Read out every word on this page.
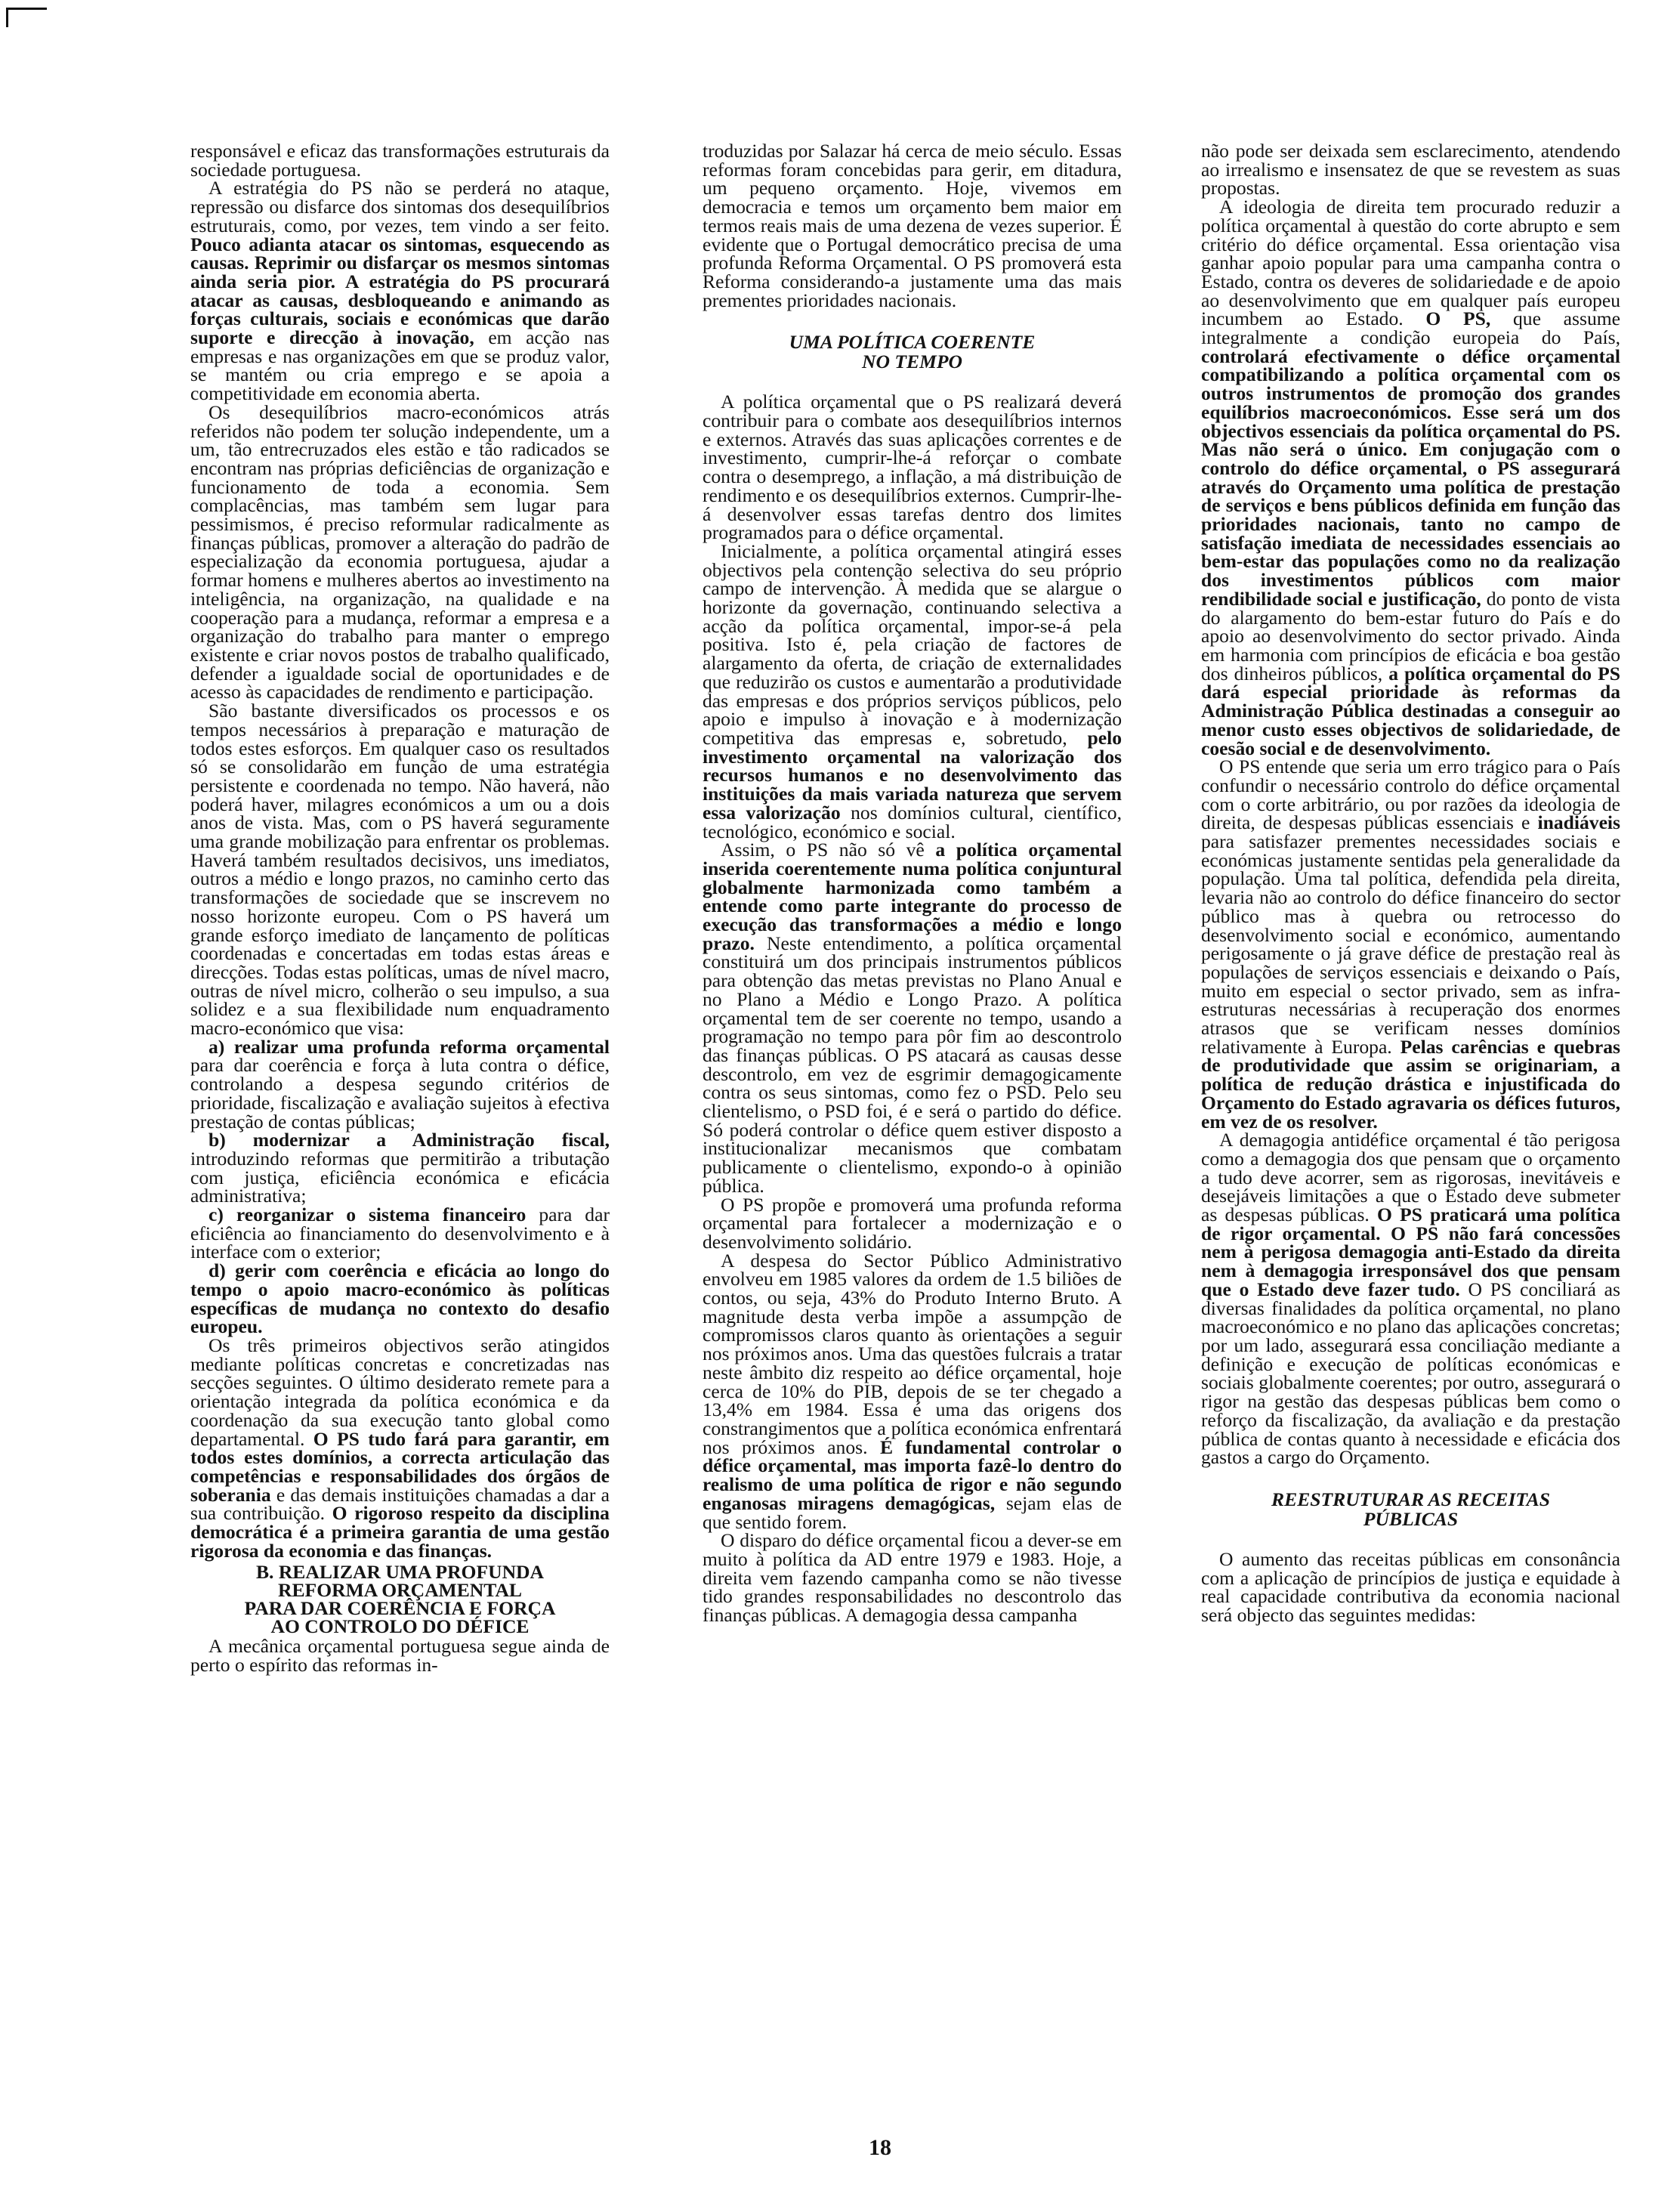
responsável e eficaz das transformações estruturais da sociedade portuguesa.

A estratégia do PS não se perderá no ataque, repressão ou disfarce dos sintomas dos desequilíbrios estruturais, como, por vezes, tem vindo a ser feito. Pouco adianta atacar os sintomas, esquecendo as causas. Reprimir ou disfarçar os mesmos sintomas ainda seria pior. A estratégia do PS procurará atacar as causas, desbloqueando e animando as forças culturais, sociais e económicas que darão suporte e direcção à inovação, em acção nas empresas e nas organizações em que se produz valor, se mantém ou cria emprego e se apoia a competitividade em economia aberta.

Os desequilíbrios macro-económicos atrás referidos não podem ter solução independente, um a um, tão entrecruzados eles estão e tão radicados se encontram nas próprias deficiências de organização e funcionamento de toda a economia. Sem complacências, mas também sem lugar para pessimismos, é preciso reformular radicalmente as finanças públicas, promover a alteração do padrão de especialização da economia portuguesa, ajudar a formar homens e mulheres abertos ao investimento na inteligência, na organização, na qualidade e na cooperação para a mudança, reformar a empresa e a organização do trabalho para manter o emprego existente e criar novos postos de trabalho qualificado, defender a igualdade social de oportunidades e de acesso às capacidades de rendimento e participação.

São bastante diversificados os processos e os tempos necessários à preparação e maturação de todos estes esforços. Em qualquer caso os resultados só se consolidarão em função de uma estratégia persistente e coordenada no tempo. Não haverá, não poderá haver, milagres económicos a um ou a dois anos de vista. Mas, com o PS haverá seguramente uma grande mobilização para enfrentar os problemas. Haverá também resultados decisivos, uns imediatos, outros a médio e longo prazos, no caminho certo das transformações de sociedade que se inscrevem no nosso horizonte europeu. Com o PS haverá um grande esforço imediato de lançamento de políticas coordenadas e concertadas em todas estas áreas e direcções. Todas estas políticas, umas de nível macro, outras de nível micro, colherão o seu impulso, a sua solidez e a sua flexibilidade num enquadramento macro-económico que visa:

a) realizar uma profunda reforma orçamental para dar coerência e força à luta contra o défice, controlando a despesa segundo critérios de prioridade, fiscalização e avaliação sujeitos à efectiva prestação de contas públicas;

b) modernizar a Administração fiscal, introduzindo reformas que permitirão a tributação com justiça, eficiência económica e eficácia administrativa;

c) reorganizar o sistema financeiro para dar eficiência ao financiamento do desenvolvimento e à interface com o exterior;

d) gerir com coerência e eficácia ao longo do tempo o apoio macro-económico às políticas específicas de mudança no contexto do desafio europeu.

Os três primeiros objectivos serão atingidos mediante políticas concretas e concretizadas nas secções seguintes. O último desiderato remete para a orientação integrada da política económica e da coordenação da sua execução tanto global como departamental. O PS tudo fará para garantir, em todos estes domínios, a correcta articulação das competências e responsabilidades dos órgãos de soberania e das demais instituições chamadas a dar a sua contribuição. O rigoroso respeito da disciplina democrática é a primeira garantia de uma gestão rigorosa da economia e das finanças.

B. REALIZAR UMA PROFUNDA
REFORMA ORÇAMENTAL
PARA DAR COERÊNCIA E FORÇA
AO CONTROLO DO DÉFICE

A mecânica orçamental portuguesa segue ainda de perto o espírito das reformas in-

troduzidas por Salazar há cerca de meio século. Essas reformas foram concebidas para gerir, em ditadura, um pequeno orçamento. Hoje, vivemos em democracia e temos um orçamento bem maior em termos reais mais de uma dezena de vezes superior. É evidente que o Portugal democrático precisa de uma profunda Reforma Orçamental. O PS promoverá esta Reforma considerando-a justamente uma das mais prementes prioridades nacionais.

UMA POLÍTICA COERENTE
NO TEMPO

A política orçamental que o PS realizará deverá contribuir para o combate aos desequilíbrios internos e externos. Através das suas aplicações correntes e de investimento, cumprir-lhe-á reforçar o combate contra o desemprego, a inflação, a má distribuição de rendimento e os desequilíbrios externos. Cumprir-lhe-á desenvolver essas tarefas dentro dos limites programados para o défice orçamental.

Inicialmente, a política orçamental atingirá esses objectivos pela contenção selectiva do seu próprio campo de intervenção. À medida que se alargue o horizonte da governação, continuando selectiva a acção da política orçamental, impor-se-á pela positiva. Isto é, pela criação de factores de alargamento da oferta, de criação de externalidades que reduzirão os custos e aumentarão a produtividade das empresas e dos próprios serviços públicos, pelo apoio e impulso à inovação e à modernização competitiva das empresas e, sobretudo, pelo investimento orçamental na valorização dos recursos humanos e no desenvolvimento das instituições da mais variada natureza que servem essa valorização nos domínios cultural, científico, tecnológico, económico e social.

Assim, o PS não só vê a política orçamental inserida coerentemente numa política conjuntural globalmente harmonizada como também a entende como parte integrante do processo de execução das transformações a médio e longo prazo. Neste entendimento, a política orçamental constituirá um dos principais instrumentos públicos para obtenção das metas previstas no Plano Anual e no Plano a Médio e Longo Prazo. A política orçamental tem de ser coerente no tempo, usando a programação no tempo para pôr fim ao descontrolo das finanças públicas. O PS atacará as causas desse descontrolo, em vez de esgrimir demagogicamente contra os seus sintomas, como fez o PSD. Pelo seu clientelismo, o PSD foi, é e será o partido do défice. Só poderá controlar o défice quem estiver disposto a institucionalizar mecanismos que combatam publicamente o clientelismo, expondo-o à opinião pública.

O PS propõe e promoverá uma profunda reforma orçamental para fortalecer a modernização e o desenvolvimento solidário.

A despesa do Sector Público Administrativo envolveu em 1985 valores da ordem de 1.5 biliões de contos, ou seja, 43% do Produto Interno Bruto. A magnitude desta verba impõe a assumpção de compromissos claros quanto às orientações a seguir nos próximos anos. Uma das questões fulcrais a tratar neste âmbito diz respeito ao défice orçamental, hoje cerca de 10% do PIB, depois de se ter chegado a 13,4% em 1984. Essa é uma das origens dos constrangimentos que a política económica enfrentará nos próximos anos. É fundamental controlar o défice orçamental, mas importa fazê-lo dentro do realismo de uma política de rigor e não segundo enganosas miragens demagógicas, sejam elas de que sentido forem.

O disparo do défice orçamental ficou a dever-se em muito à política da AD entre 1979 e 1983. Hoje, a direita vem fazendo campanha como se não tivesse tido grandes responsabilidades no descontrolo das finanças públicas. A demagogia dessa campanha

não pode ser deixada sem esclarecimento, atendendo ao irrealismo e insensatez de que se revestem as suas propostas.

A ideologia de direita tem procurado reduzir a política orçamental à questão do corte abrupto e sem critério do défice orçamental. Essa orientação visa ganhar apoio popular para uma campanha contra o Estado, contra os deveres de solidariedade e de apoio ao desenvolvimento que em qualquer país europeu incumbem ao Estado. O PS, que assume integralmente a condição europeia do País, controlará efectivamente o défice orçamental compatibilizando a política orçamental com os outros instrumentos de promoção dos grandes equilíbrios macroeconómicos. Esse será um dos objectivos essenciais da política orçamental do PS. Mas não será o único. Em conjugação com o controlo do défice orçamental, o PS assegurará através do Orçamento uma política de prestação de serviços e bens públicos definida em função das prioridades nacionais, tanto no campo de satisfação imediata de necessidades essenciais ao bem-estar das populações como no da realização dos investimentos públicos com maior rendibilidade social e justificação, do ponto de vista do alargamento do bem-estar futuro do País e do apoio ao desenvolvimento do sector privado. Ainda em harmonia com princípios de eficácia e boa gestão dos dinheiros públicos, a política orçamental do PS dará especial prioridade às reformas da Administração Pública destinadas a conseguir ao menor custo esses objectivos de solidariedade, de coesão social e de desenvolvimento.

O PS entende que seria um erro trágico para o País confundir o necessário controlo do défice orçamental com o corte arbitrário, ou por razões da ideologia de direita, de despesas públicas essenciais e inadiáveis para satisfazer prementes necessidades sociais e económicas justamente sentidas pela generalidade da população. Uma tal política, defendida pela direita, levaria não ao controlo do défice financeiro do sector público mas à quebra ou retrocesso do desenvolvimento social e económico, aumentando perigosamente o já grave défice de prestação real às populações de serviços essenciais e deixando o País, muito em especial o sector privado, sem as infra-estruturas necessárias à recuperação dos enormes atrasos que se verificam nesses domínios relativamente à Europa. Pelas carências e quebras de produtividade que assim se originariam, a política de redução drástica e injustificada do Orçamento do Estado agravaria os défices futuros, em vez de os resolver.

A demagogia antidéfice orçamental é tão perigosa como a demagogia dos que pensam que o orçamento a tudo deve acorrer, sem as rigorosas, inevitáveis e desejáveis limitações a que o Estado deve submeter as despesas públicas. O PS praticará uma política de rigor orçamental. O PS não fará concessões nem à perigosa demagogia anti-Estado da direita nem à demagogia irresponsável dos que pensam que o Estado deve fazer tudo. O PS conciliará as diversas finalidades da política orçamental, no plano macroeconómico e no plano das aplicações concretas; por um lado, assegurará essa conciliação mediante a definição e execução de políticas económicas e sociais globalmente coerentes; por outro, assegurará o rigor na gestão das despesas públicas bem como o reforço da fiscalização, da avaliação e da prestação pública de contas quanto à necessidade e eficácia dos gastos a cargo do Orçamento.

REESTRUTURAR AS RECEITAS
PÚBLICAS

O aumento das receitas públicas em consonância com a aplicação de princípios de justiça e equidade à real capacidade contributiva da economia nacional será objecto das seguintes medidas:

18
